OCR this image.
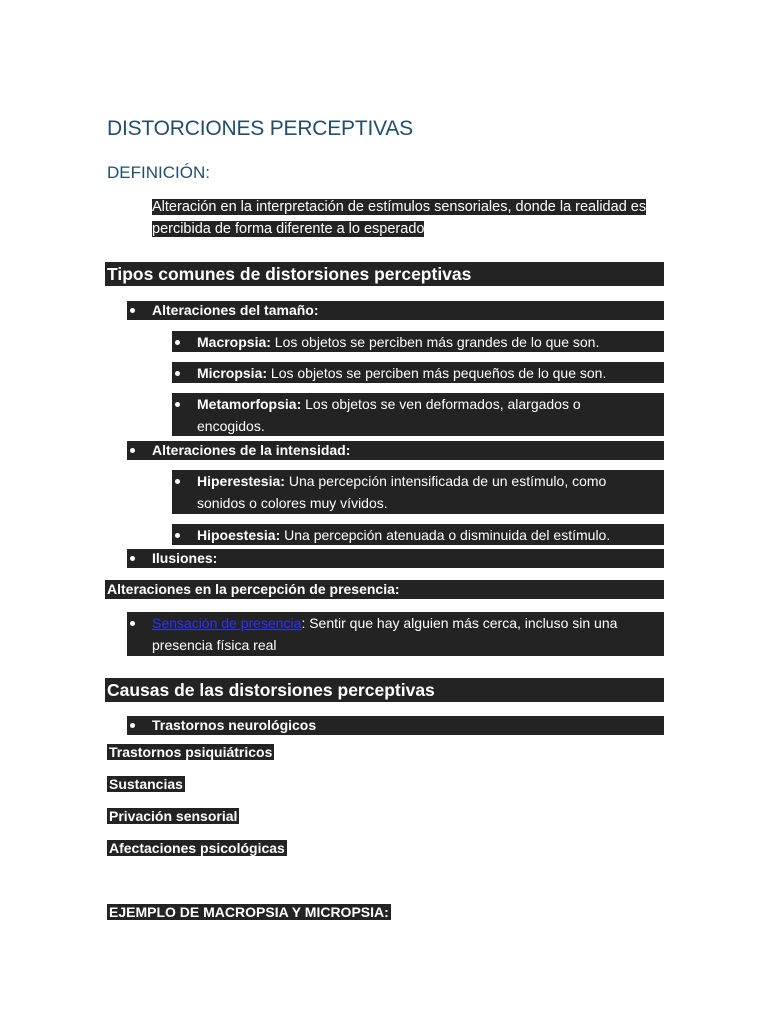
DISTORCIONES PERCEPTIVAS
DEFINICIÓN:
Alteración en la interpretación de estímulos sensoriales, donde la realidad es percibida de forma diferente a lo esperado
Tipos comunes de distorsiones perceptivas
Alteraciones del tamaño:
Macropsia: Los objetos se perciben más grandes de lo que son.
Micropsia: Los objetos se perciben más pequeños de lo que son.
Metamorfopsia: Los objetos se ven deformados, alargados o encogidos.
Alteraciones de la intensidad:
Hiperestesia: Una percepción intensificada de un estímulo, como sonidos o colores muy vívidos.
Hipoestesia: Una percepción atenuada o disminuida del estímulo.
Ilusiones:
Alteraciones en la percepción de presencia:
Sensación de presencia: Sentir que hay alguien más cerca, incluso sin una presencia física real
Causas de las distorsiones perceptivas
Trastornos neurológicos
Trastornos psiquiátricos
Sustancias
Privación sensorial
Afectaciones psicológicas
EJEMPLO DE MACROPSIA Y MICROPSIA:
